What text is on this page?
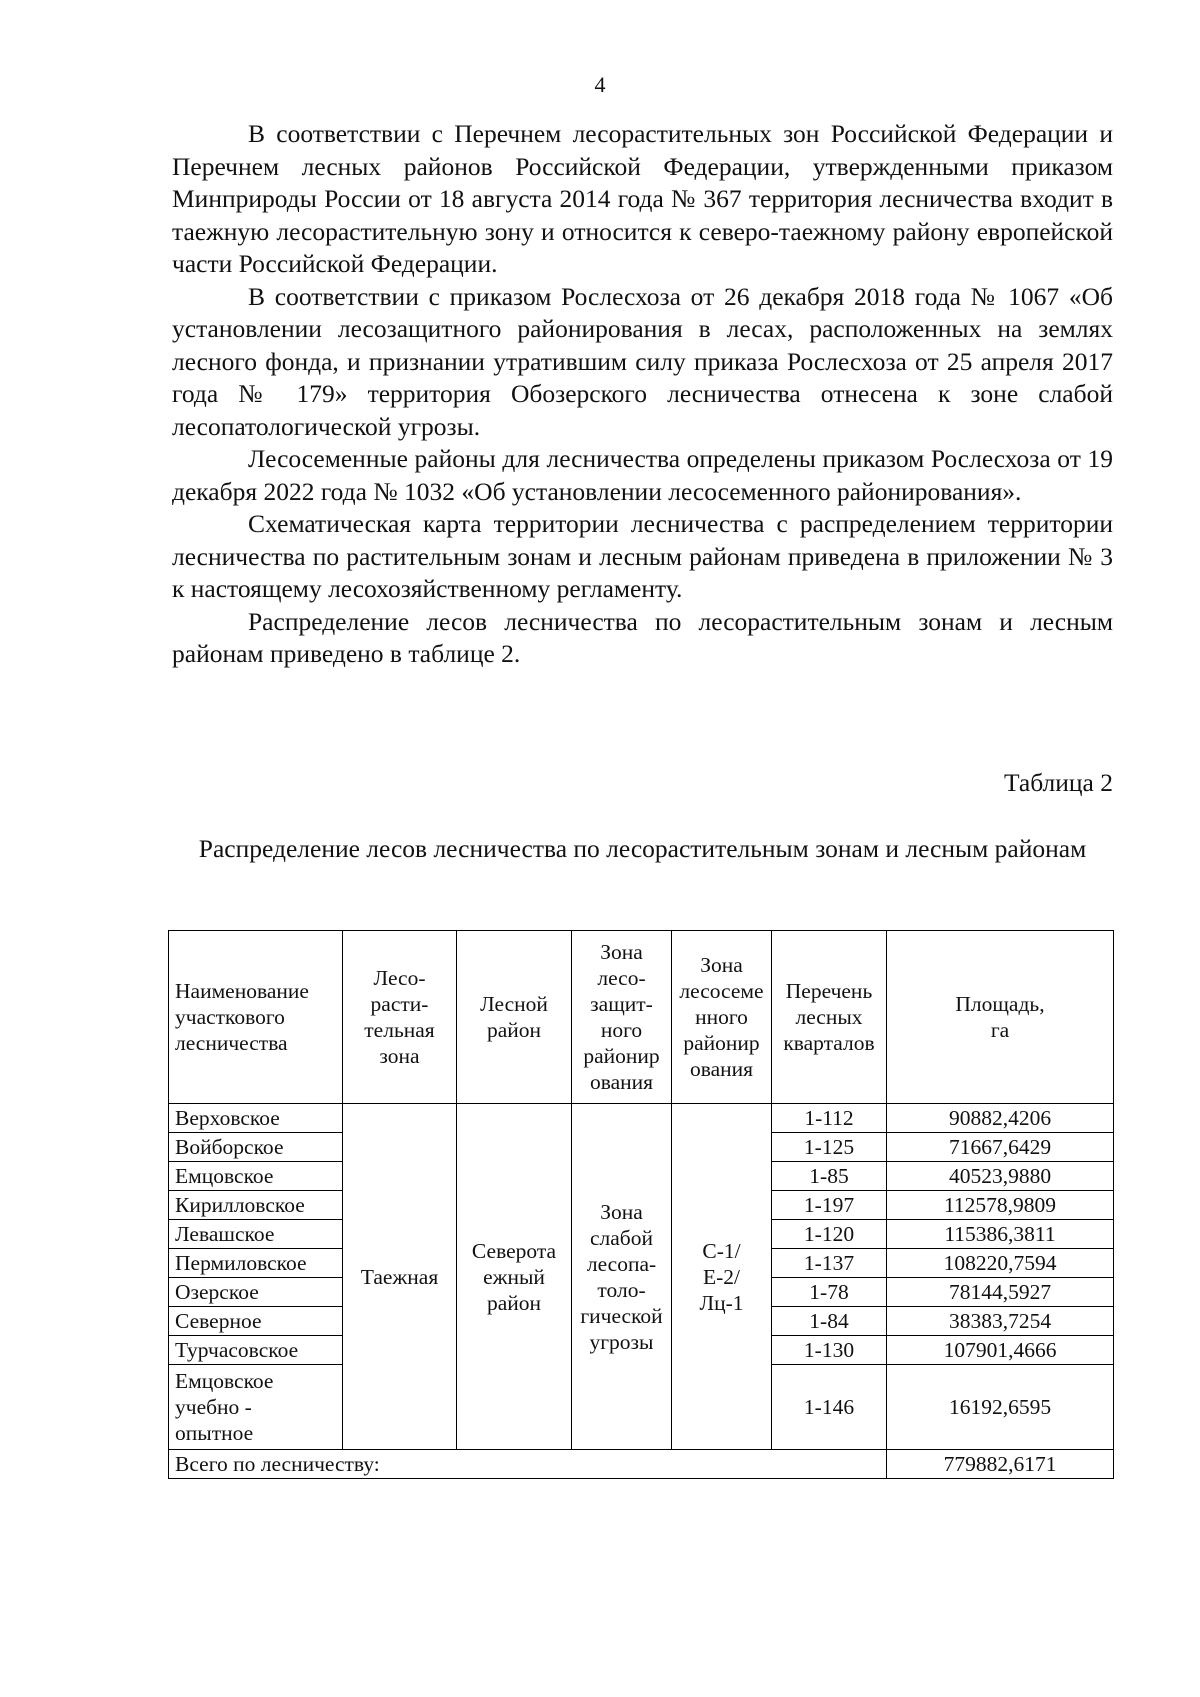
4

В соответствии с Перечнем лесорастительных зон Российской Федерации и Перечнем лесных районов Российской Федерации, утвержденными приказом Минприроды России от 18 августа 2014 года № 367 территория лесничества входит в таежную лесорастительную зону и относится к северо-таежному району европейской части Российской Федерации.

В соответствии с приказом Рослесхоза от 26 декабря 2018 года № 1067 «Об установлении лесозащитного районирования в лесах, расположенных на землях лесного фонда, и признании утратившим силу приказа Рослесхоза от 25 апреля 2017 года № 179» территория Обозерского лесничества отнесена к зоне слабой лесопатологической угрозы.

Лесосеменные районы для лесничества определены приказом Рослесхоза от 19 декабря 2022 года № 1032 «Об установлении лесосеменного районирования».

Схематическая карта территории лесничества с распределением территории лесничества по растительным зонам и лесным районам приведена в приложении № 3 к настоящему лесохозяйственному регламенту.

Распределение лесов лесничества по лесорастительным зонам и лесным районам приведено в таблице 2.

Таблица 2
Распределение лесов лесничества по лесорастительным зонам и лесным районам
Наименование участкового лесничества	Лесо-расти-тельная зона	Лесной район	Зона лесо-защит-ного районир ования	Зона лесосеме нного районир ования	Перечень лесных кварталов	Площадь, га
Верховское	Таежная	Северота ежный район	Зона слабой лесопа-толо-гической угрозы	С-1/ Е-2/ Лц-1	1-112	90882,4206
Войборское					1-125	71667,6429
Емцовское					1-85	40523,9880
Кирилловское					1-197	112578,9809
Левашское					1-120	115386,3811
Пермиловское					1-137	108220,7594
Озерское					1-78	78144,5927
Северное					1-84	38383,7254
Турчасовское					1-130	107901,4666
Емцовское учебно - опытное					1-146	16192,6595
Всего по лесничеству:						779882,6171
